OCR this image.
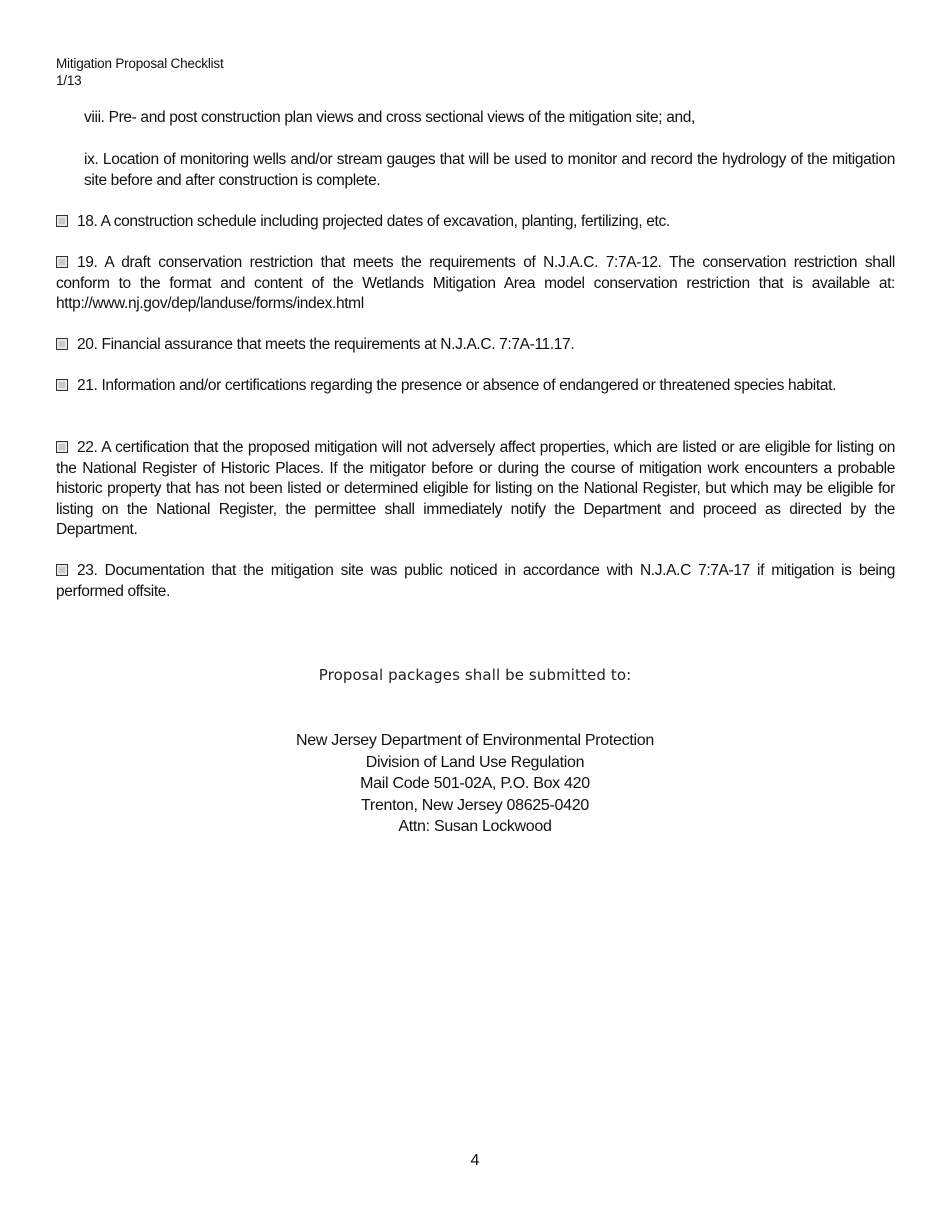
Mitigation Proposal Checklist
1/13
viii. Pre- and post construction plan views and cross sectional views of the mitigation site; and,
ix. Location of monitoring wells and/or stream gauges that will be used to monitor and record the hydrology of the mitigation site before and after construction is complete.
18. A construction schedule including projected dates of excavation, planting, fertilizing, etc.
19. A draft conservation restriction that meets the requirements of N.J.A.C. 7:7A-12. The conservation restriction shall conform to the format and content of the Wetlands Mitigation Area model conservation restriction that is available at: http://www.nj.gov/dep/landuse/forms/index.html
20. Financial assurance that meets the requirements at N.J.A.C. 7:7A-11.17.
21. Information and/or certifications regarding the presence or absence of endangered or threatened species habitat.
22. A certification that the proposed mitigation will not adversely affect properties, which are listed or are eligible for listing on the National Register of Historic Places. If the mitigator before or during the course of mitigation work encounters a probable historic property that has not been listed or determined eligible for listing on the National Register, but which may be eligible for listing on the National Register, the permittee shall immediately notify the Department and proceed as directed by the Department.
23. Documentation that the mitigation site was public noticed in accordance with N.J.A.C 7:7A-17 if mitigation is being performed offsite.
Proposal packages shall be submitted to:
New Jersey Department of Environmental Protection
Division of Land Use Regulation
Mail Code 501-02A, P.O. Box 420
Trenton, New Jersey 08625-0420
Attn: Susan Lockwood
4
